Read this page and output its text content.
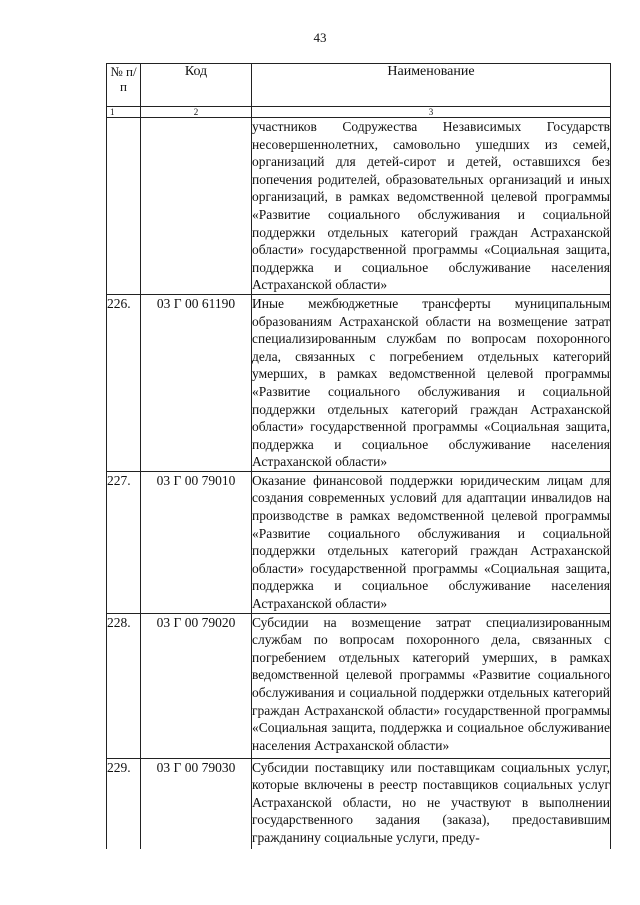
43
№ п/п	Код	Наименование
1	2	3
		участников Содружества Независимых Государств несовершеннолетних, самовольно ушедших из семей, организаций для детей-сирот и детей, оставшихся без попечения родителей, образовательных организаций и иных организаций, в рамках ведомственной целевой программы «Развитие социального обслуживания и социальной поддержки отдельных категорий граждан Астраханской области» государственной программы «Социальная защита, поддержка и социальное обслуживание населения Астраханской области»
226.	03 Г 00 61190	Иные межбюджетные трансферты муниципальным образованиям Астраханской области на возмещение затрат специализированным службам по вопросам похоронного дела, связанных с погребением отдельных категорий умерших, в рамках ведомственной целевой программы «Развитие социального обслуживания и социальной поддержки отдельных категорий граждан Астраханской области» государственной программы «Социальная защита, поддержка и социальное обслуживание населения Астраханской области»
227.	03 Г 00 79010	Оказание финансовой поддержки юридическим лицам для создания современных условий для адаптации инвалидов на производстве в рамках ведомственной целевой программы «Развитие социального обслуживания и социальной поддержки отдельных категорий граждан Астраханской области» государственной программы «Социальная защита, поддержка и социальное обслуживание населения Астраханской области»
228.	03 Г 00 79020	Субсидии на возмещение затрат специализированным службам по вопросам похоронного дела, связанных с погребением отдельных категорий умерших, в рамках ведомственной целевой программы «Развитие социального обслуживания и социальной поддержки отдельных категорий граждан Астраханской области» государственной программы «Социальная защита, поддержка и социальное обслуживание населения Астраханской области»
229.	03 Г 00 79030	Субсидии поставщику или поставщикам социальных услуг, которые включены в реестр поставщиков социальных услуг Астраханской области, но не участвуют в выполнении государственного задания (заказа), предоставившим гражданину социальные услуги, преду-
